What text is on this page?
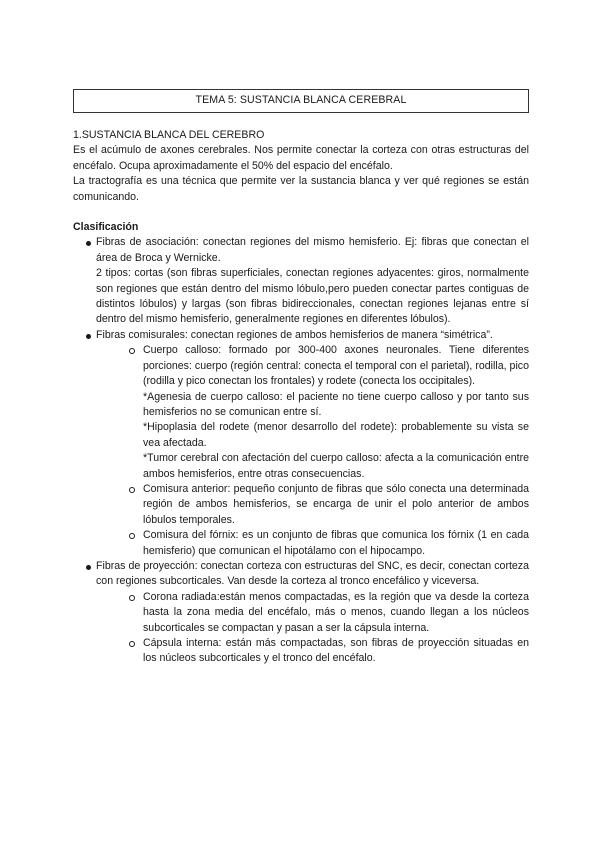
TEMA 5: SUSTANCIA BLANCA CEREBRAL

1.SUSTANCIA BLANCA DEL CEREBRO

Es el acúmulo de axones cerebrales. Nos permite conectar la corteza con otras estructuras del encéfalo. Ocupa aproximadamente el 50% del espacio del encéfalo.

La tractografía es una técnica que permite ver la sustancia blanca y ver qué regiones se están comunicando.

Clasificación

Fibras de asociación: conectan regiones del mismo hemisferio. Ej: fibras que conectan el área de Broca y Wernicke.

2 tipos: cortas (son fibras superficiales, conectan regiones adyacentes: giros, normalmente son regiones que están dentro del mismo lóbulo,pero pueden conectar partes contiguas de distintos lóbulos) y largas (son fibras bidireccionales, conectan regiones lejanas entre sí dentro del mismo hemisferio, generalmente regiones en diferentes lóbulos).

Fibras comisurales: conectan regiones de ambos hemisferios de manera “simétrica”.

Cuerpo calloso: formado por 300-400 axones neuronales. Tiene diferentes porciones: cuerpo (región central: conecta el temporal con el parietal), rodilla, pico (rodilla y pico conectan los frontales) y rodete (conecta los occipitales).

*Agenesia de cuerpo calloso: el paciente no tiene cuerpo calloso y por tanto sus hemisferios no se comunican entre sí.

*Hipoplasia del rodete (menor desarrollo del rodete): probablemente su vista se vea afectada.

*Tumor cerebral con afectación del cuerpo calloso: afecta a la comunicación entre ambos hemisferios, entre otras consecuencias.

Comisura anterior: pequeño conjunto de fibras que sólo conecta una determinada región de ambos hemisferios, se encarga de unir el polo anterior de ambos lóbulos temporales.

Comisura del fórnix: es un conjunto de fibras que comunica los fórnix (1 en cada hemisferio) que comunican el hipotálamo con el hipocampo.

Fibras de proyección: conectan corteza con estructuras del SNC, es decir, conectan corteza con regiones subcorticales. Van desde la corteza al tronco encefálico y viceversa.

Corona radiada:están menos compactadas, es la región que va desde la corteza hasta la zona media del encéfalo, más o menos, cuando llegan a los núcleos subcorticales se compactan y pasan a ser la cápsula interna.

Cápsula interna: están más compactadas, son fibras de proyección situadas en los núcleos subcorticales y el tronco del encéfalo.
